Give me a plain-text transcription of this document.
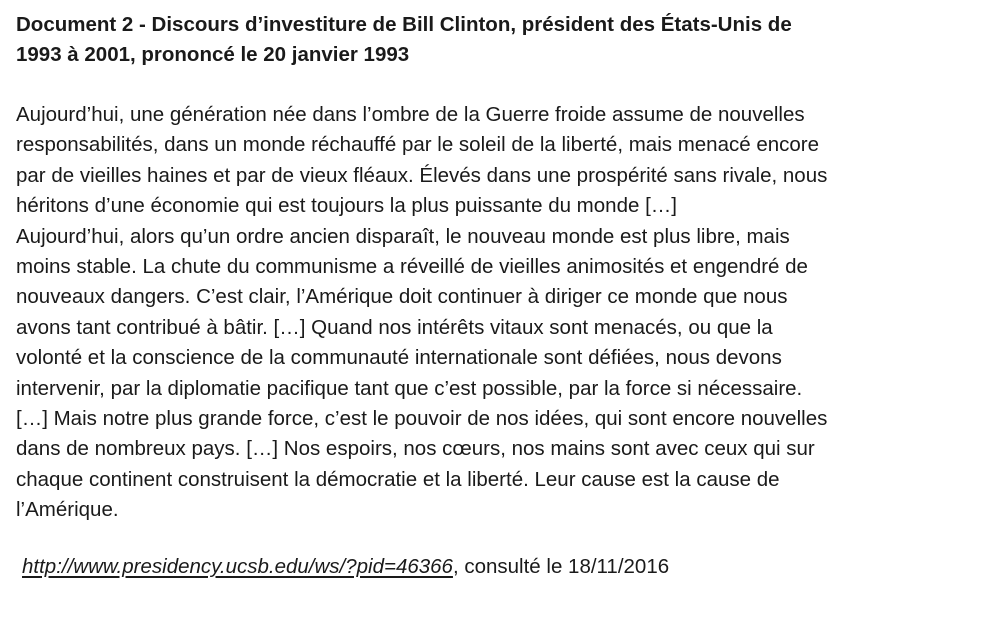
Document 2 - Discours d’investiture de Bill Clinton, président des États-Unis de
1993 à 2001, prononcé le 20 janvier 1993
Aujourd’hui, une génération née dans l’ombre de la Guerre froide assume de nouvelles
responsabilités, dans un monde réchauffé par le soleil de la liberté, mais menacé encore
par de vieilles haines et par de vieux fléaux. Élevés dans une prospérité sans rivale, nous
héritons d’une économie qui est toujours la plus puissante du monde […]
Aujourd’hui, alors qu’un ordre ancien disparaît, le nouveau monde est plus libre, mais
moins stable. La chute du communisme a réveillé de vieilles animosités et engendré de
nouveaux dangers. C’est clair, l’Amérique doit continuer à diriger ce monde que nous
avons tant contribué à bâtir. […] Quand nos intérêts vitaux sont menacés, ou que la
volonté et la conscience de la communauté internationale sont défiées, nous devons
intervenir, par la diplomatie pacifique tant que c’est possible, par la force si nécessaire.
[…] Mais notre plus grande force, c’est le pouvoir de nos idées, qui sont encore nouvelles
dans de nombreux pays. […] Nos espoirs, nos cœurs, nos mains sont avec ceux qui sur
chaque continent construisent la démocratie et la liberté. Leur cause est la cause de
l’Amérique.
http://www.presidency.ucsb.edu/ws/?pid=46366, consulté le 18/11/2016
